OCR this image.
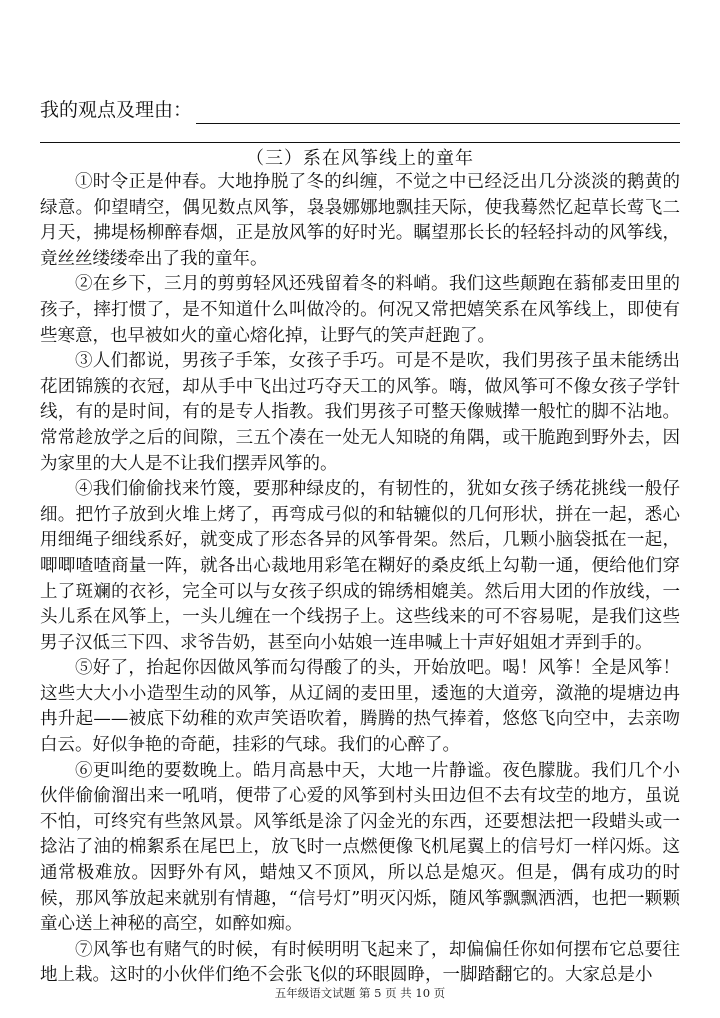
我的观点及理由：
（三）系在风筝线上的童年

①时令正是仲春。大地挣脱了冬的纠缠，不觉之中已经泛出几分淡淡的鹅黄的绿意。仰望晴空，偶见数点风筝，袅袅娜娜地飘挂天际，使我蓦然忆起草长莺飞二月天，拂堤杨柳醉春烟，正是放风筝的好时光。瞩望那长长的轻轻抖动的风筝线，竟丝丝缕缕牵出了我的童年。

②在乡下，三月的剪剪轻风还残留着冬的料峭。我们这些颠跑在蓊郁麦田里的孩子，摔打惯了，是不知道什么叫做冷的。何况又常把嬉笑系在风筝线上，即使有些寒意，也早被如火的童心熔化掉，让野气的笑声赶跑了。

③人们都说，男孩子手笨，女孩子手巧。可是不是吹，我们男孩子虽未能绣出花团锦簇的衣冠，却从手中飞出过巧夺天工的风筝。嗨，做风筝可不像女孩子学针线，有的是时间，有的是专人指教。我们男孩子可整天像贼撵一般忙的脚不沾地。常常趁放学之后的间隙，三五个凑在一处无人知晓的角隅，或干脆跑到野外去，因为家里的大人是不让我们摆弄风筝的。

④我们偷偷找来竹篾，要那种绿皮的，有韧性的，犹如女孩子绣花挑线一般仔细。把竹子放到火堆上烤了，再弯成弓似的和轱辘似的几何形状，拼在一起，悉心用细绳子细线系好，就变成了形态各异的风筝骨架。然后，几颗小脑袋抵在一起，唧唧喳喳商量一阵，就各出心裁地用彩笔在糊好的桑皮纸上勾勒一通，便给他们穿上了斑斓的衣衫，完全可以与女孩子织成的锦绣相媲美。然后用大团的作放线，一头儿系在风筝上，一头儿缠在一个线拐子上。这些线来的可不容易呢，是我们这些男子汉低三下四、求爷告奶，甚至向小姑娘一连串喊上十声好姐姐才弄到手的。

⑤好了，抬起你因做风筝而勾得酸了的头，开始放吧。喝！风筝！全是风筝！这些大大小小造型生动的风筝，从辽阔的麦田里，逶迤的大道旁，潋滟的堤塘边冉冉升起——被底下幼稚的欢声笑语吹着，腾腾的热气捧着，悠悠飞向空中，去亲吻白云。好似争艳的奇葩，挂彩的气球。我们的心醉了。

⑥更叫绝的要数晚上。皓月高悬中天，大地一片静谧。夜色朦胧。我们几个小伙伴偷偷溜出来一吼哨，便带了心爱的风筝到村头田边但不去有坟茔的地方，虽说不怕，可终究有些煞风景。风筝纸是涂了闪金光的东西，还要想法把一段蜡头或一捻沾了油的棉絮系在尾巴上，放飞时一点燃便像飞机尾翼上的信号灯一样闪烁。这通常极难放。因野外有风，蜡烛又不顶风，所以总是熄灭。但是，偶有成功的时候，那风筝放起来就别有情趣，“信号灯”明灭闪烁，随风筝飘飘洒洒，也把一颗颗童心送上神秘的高空，如醉如痴。

⑦风筝也有赌气的时候，有时候明明飞起来了，却偏偏任你如何摆布它总要往地上栽。这时的小伙伴们绝不会张飞似的环眼圆睁，一脚踏翻它的。大家总是小

五年级语文试题 第 5 页 共 10 页
